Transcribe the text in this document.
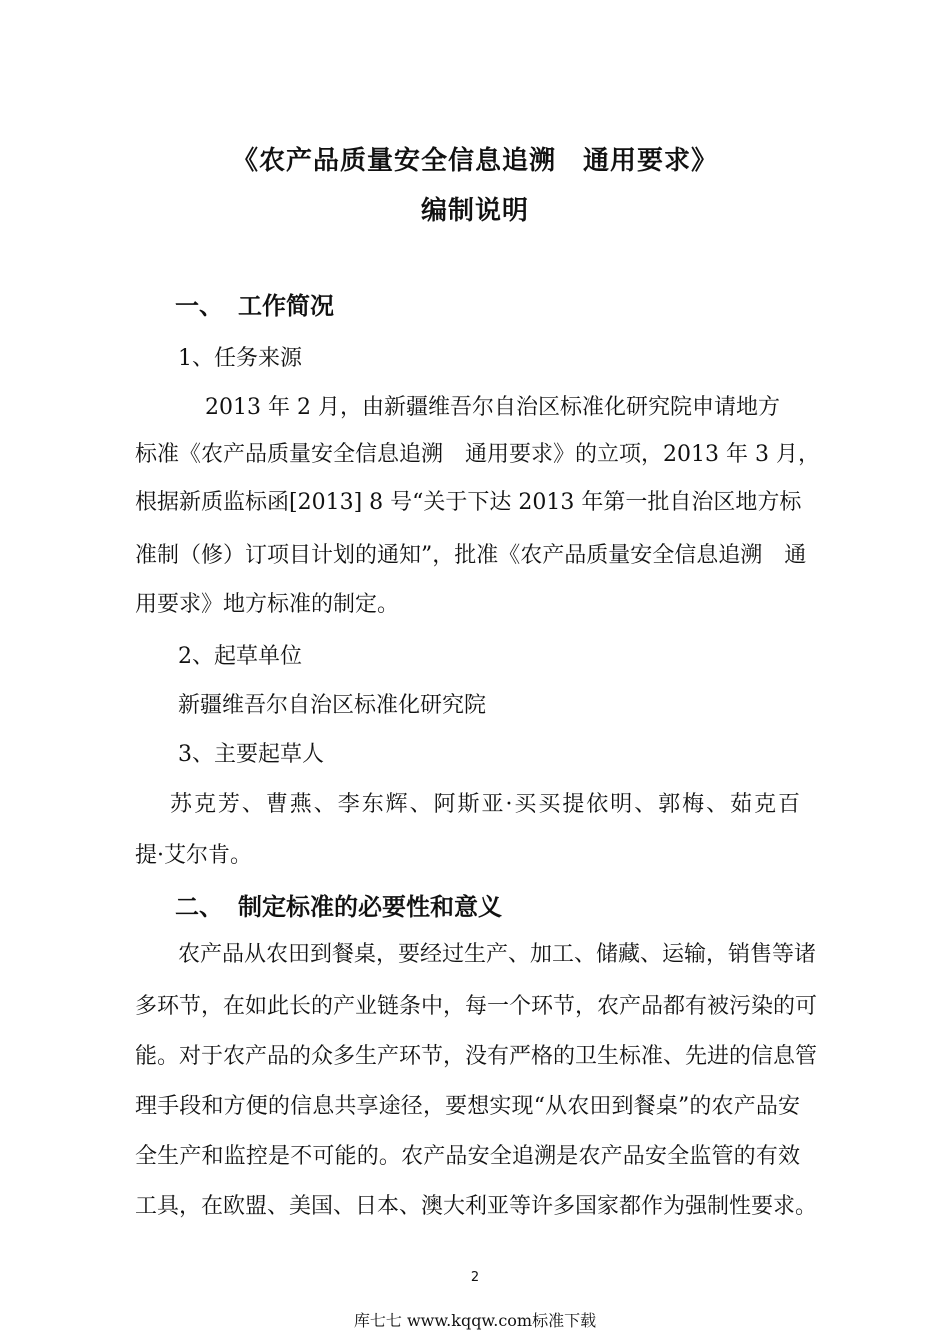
《农产品质量安全信息追溯　通用要求》
编制说明
一、 工作简况
1、任务来源
2013 年 2 月，由新疆维吾尔自治区标准化研究院申请地方
标准《农产品质量安全信息追溯　通用要求》的立项，2013 年 3 月，
根据新质监标函[2013] 8 号“关于下达 2013 年第一批自治区地方标
准制（修）订项目计划的通知”，批准《农产品质量安全信息追溯　通
用要求》地方标准的制定。
2、起草单位
新疆维吾尔自治区标准化研究院
3、主要起草人
苏克芳、曹燕、李东辉、阿斯亚·买买提依明、郭梅、茹克百
提·艾尔肯。
二、 制定标准的必要性和意义
农产品从农田到餐桌，要经过生产、加工、储藏、运输，销售等诸
多环节，在如此长的产业链条中，每一个环节，农产品都有被污染的可
能。对于农产品的众多生产环节，没有严格的卫生标准、先进的信息管
理手段和方便的信息共享途径，要想实现“从农田到餐桌”的农产品安
全生产和监控是不可能的。农产品安全追溯是农产品安全监管的有效
工具，在欧盟、美国、日本、澳大利亚等许多国家都作为强制性要求。
2
库七七 www.kqqw.com标准下载
